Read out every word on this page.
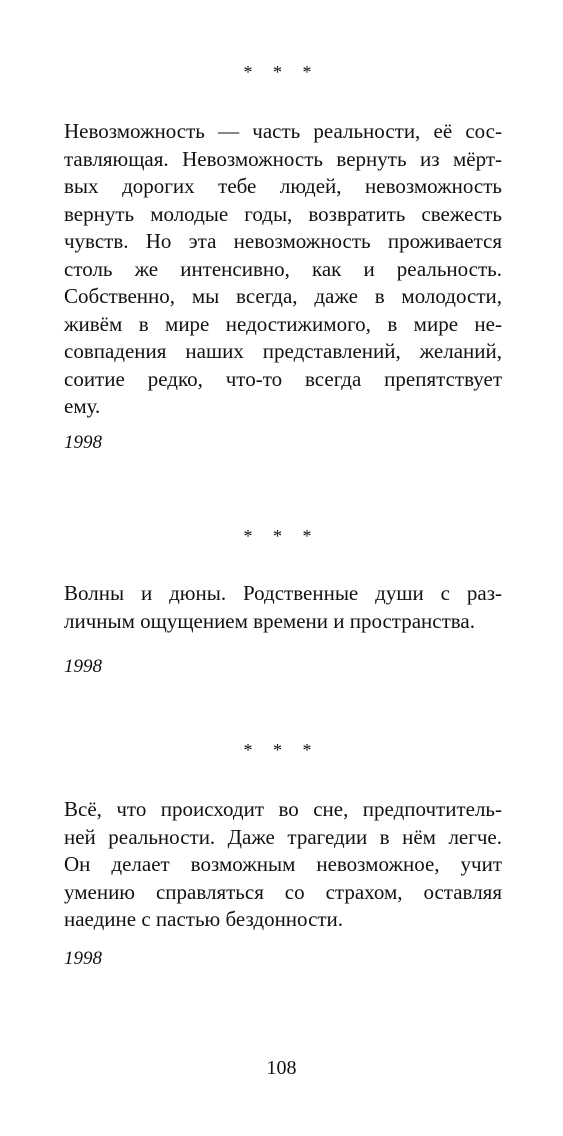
* * *
Невозможность — часть реальности, её сос-
тавляющая. Невозможность вернуть из мёрт-
вых дорогих тебе людей, невозможность
вернуть молодые годы, возвратить свежесть
чувств. Но эта невозможность проживается
столь же интенсивно, как и реальность.
Собственно, мы всегда, даже в молодости,
живём в мире недостижимого, в мире не-
совпадения наших представлений, желаний,
соитие редко, что-то всегда препятствует
ему.
1998
* * *
Волны и дюны. Родственные души с раз-
личным ощущением времени и пространства.
1998
* * *
Всё, что происходит во сне, предпочтитель-
ней реальности. Даже трагедии в нём легче.
Он делает возможным невозможное, учит
умению справляться со страхом, оставляя
наедине с пастью бездонности.
1998
108
